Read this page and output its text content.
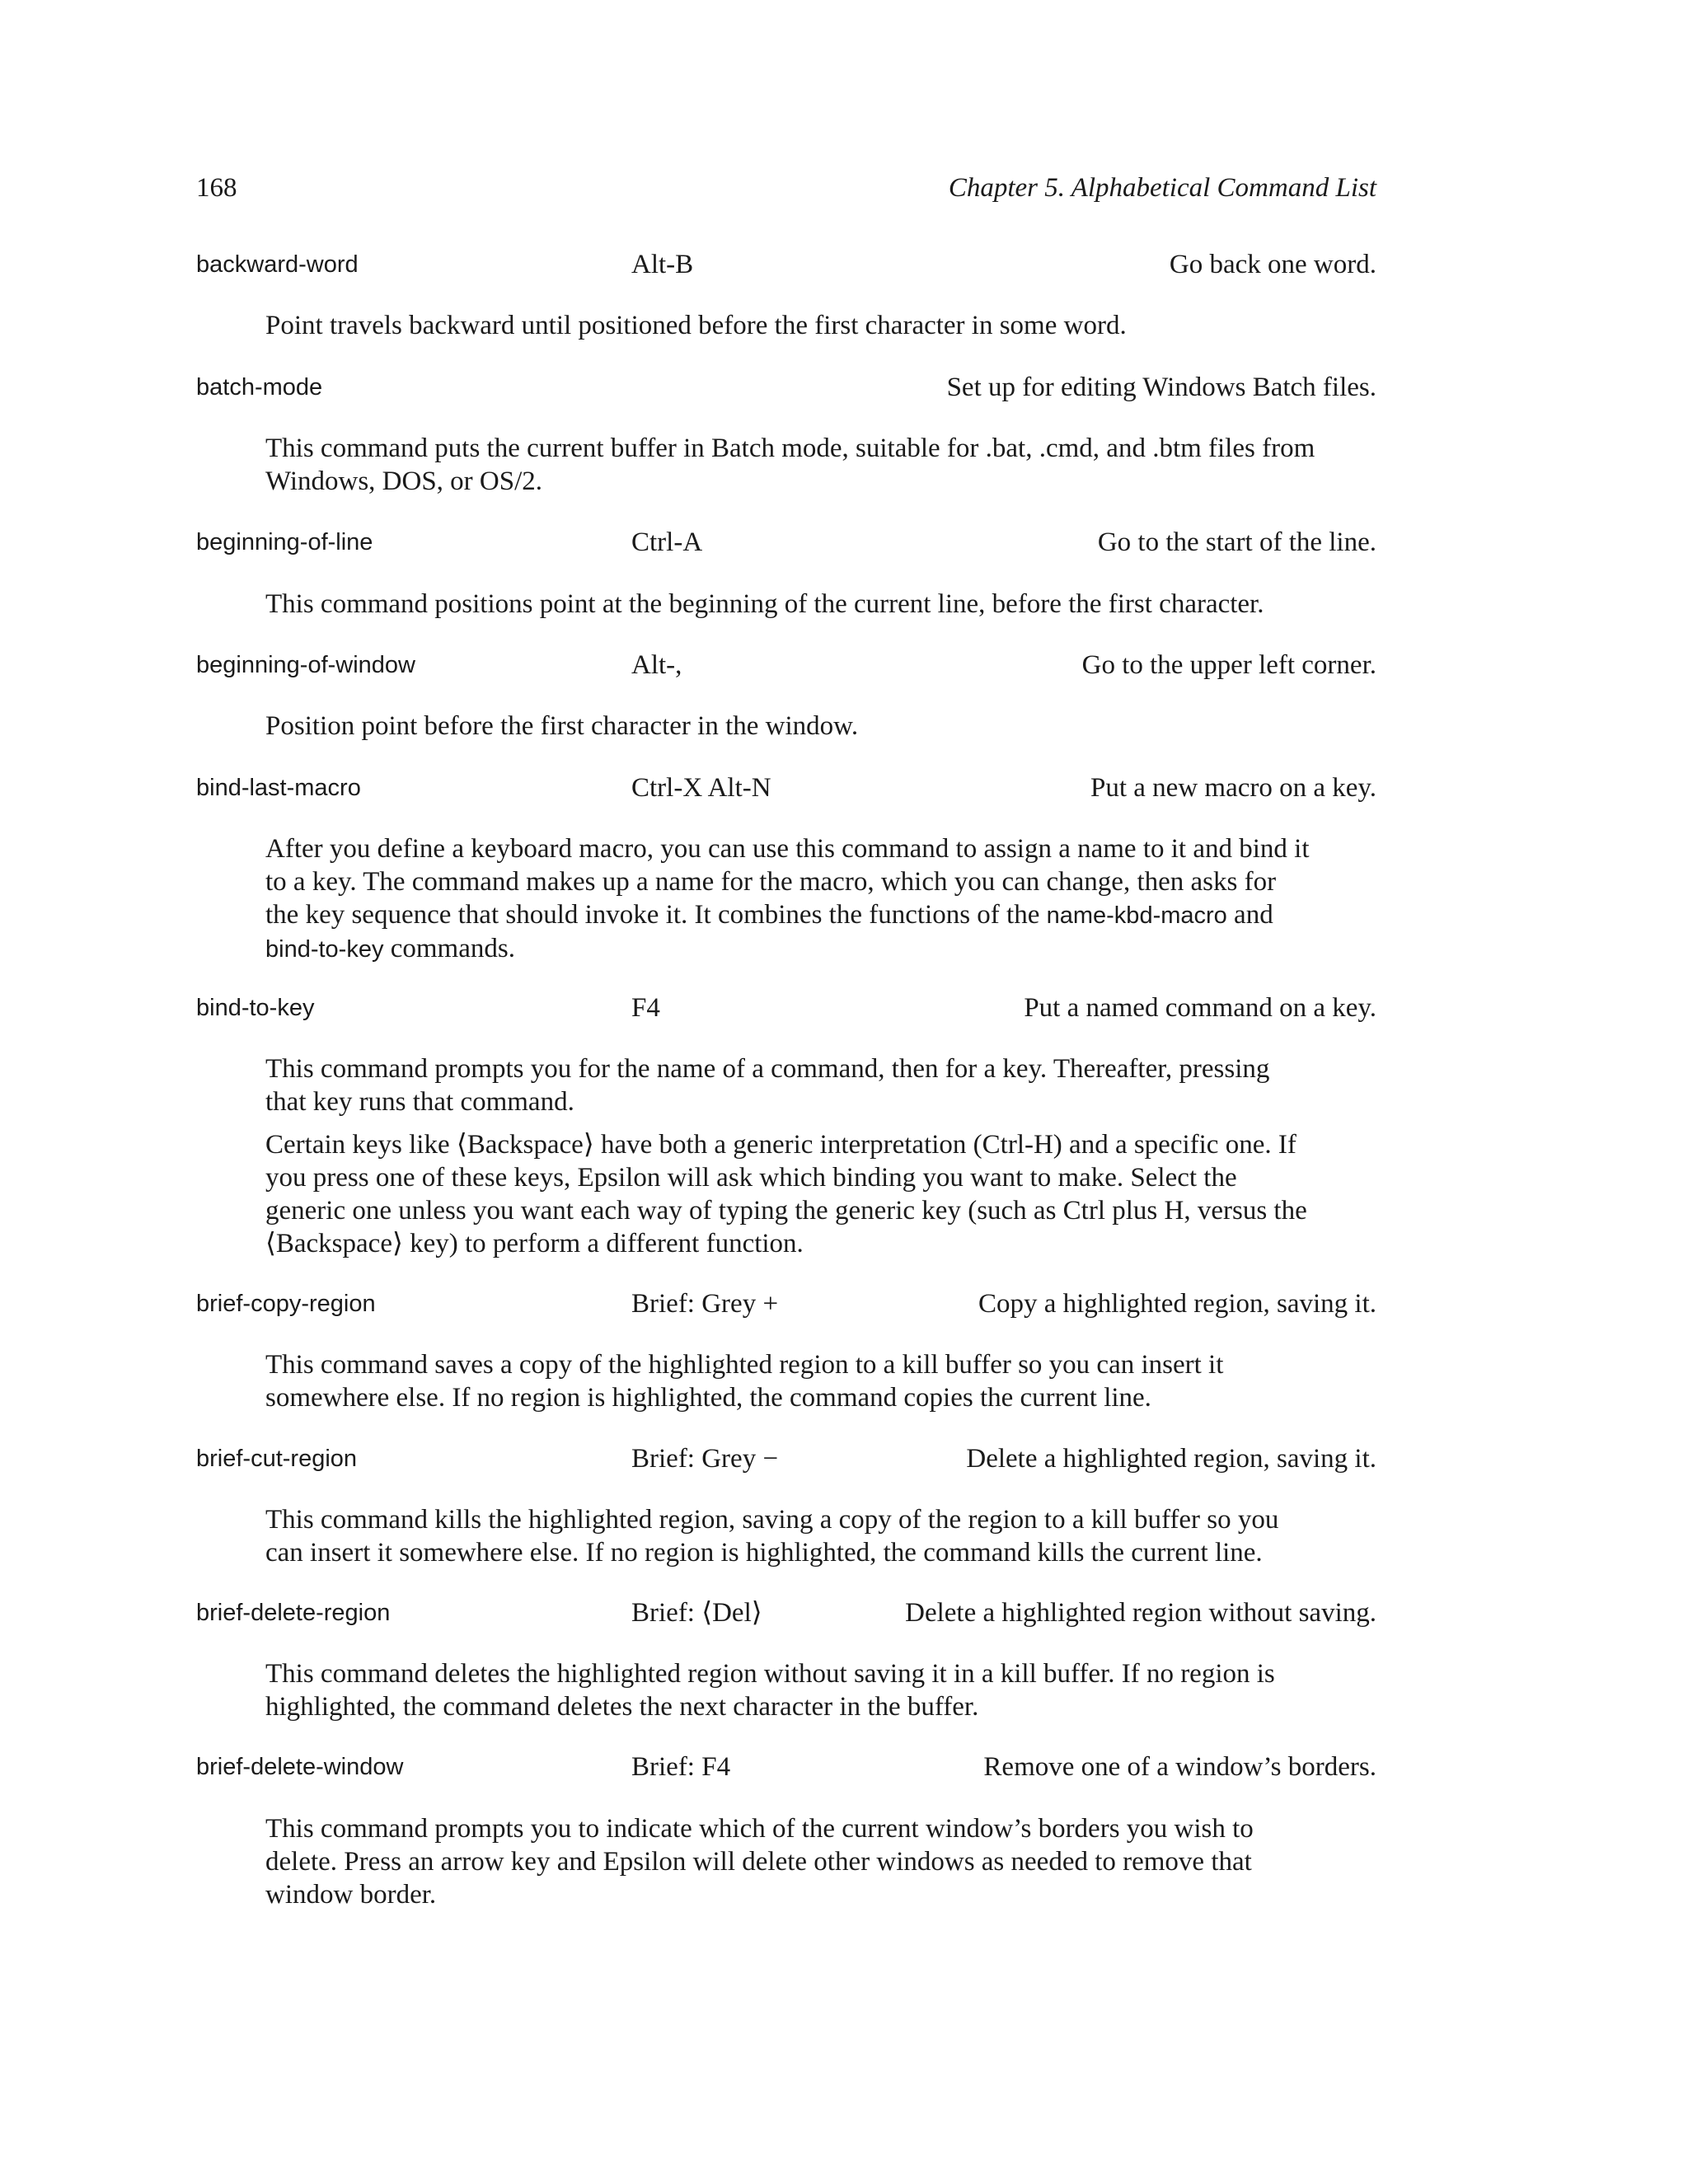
168	Chapter 5. Alphabetical Command List
backward-word	Alt-B	Go back one word.

Point travels backward until positioned before the first character in some word.

batch-mode	Set up for editing Windows Batch files.

This command puts the current buffer in Batch mode, suitable for .bat, .cmd, and .btm files from
Windows, DOS, or OS/2.

beginning-of-line	Ctrl-A	Go to the start of the line.

This command positions point at the beginning of the current line, before the first character.

beginning-of-window	Alt-,	Go to the upper left corner.

Position point before the first character in the window.

bind-last-macro	Ctrl-X Alt-N	Put a new macro on a key.

After you define a keyboard macro, you can use this command to assign a name to it and bind it
to a key. The command makes up a name for the macro, which you can change, then asks for
the key sequence that should invoke it. It combines the functions of the name-kbd-macro and
bind-to-key commands.

bind-to-key	F4	Put a named command on a key.

This command prompts you for the name of a command, then for a key. Thereafter, pressing
that key runs that command.

Certain keys like ⟨Backspace⟩ have both a generic interpretation (Ctrl-H) and a specific one. If
you press one of these keys, Epsilon will ask which binding you want to make. Select the
generic one unless you want each way of typing the generic key (such as Ctrl plus H, versus the
⟨Backspace⟩ key) to perform a different function.

brief-copy-region	Brief: Grey +	Copy a highlighted region, saving it.

This command saves a copy of the highlighted region to a kill buffer so you can insert it
somewhere else. If no region is highlighted, the command copies the current line.

brief-cut-region	Brief: Grey −	Delete a highlighted region, saving it.

This command kills the highlighted region, saving a copy of the region to a kill buffer so you
can insert it somewhere else. If no region is highlighted, the command kills the current line.

brief-delete-region	Brief: ⟨Del⟩	Delete a highlighted region without saving.

This command deletes the highlighted region without saving it in a kill buffer. If no region is
highlighted, the command deletes the next character in the buffer.

brief-delete-window	Brief: F4	Remove one of a window’s borders.

This command prompts you to indicate which of the current window’s borders you wish to
delete. Press an arrow key and Epsilon will delete other windows as needed to remove that
window border.
